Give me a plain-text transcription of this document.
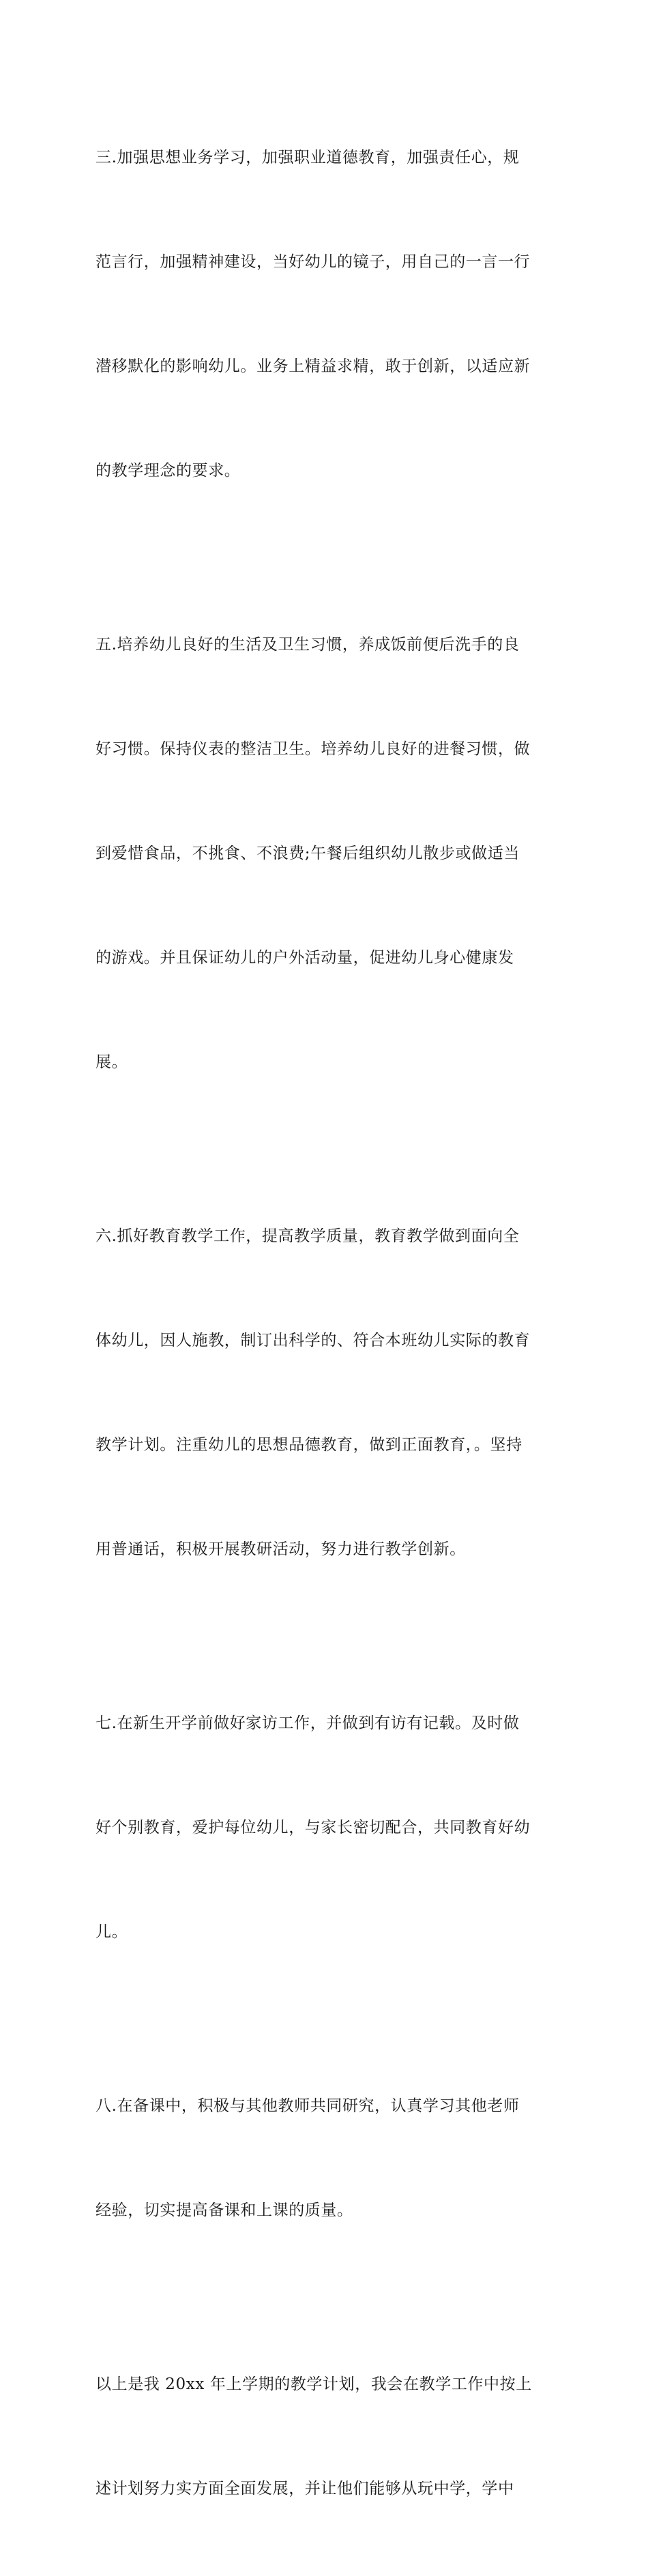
三.加强思想业务学习，加强职业道德教育，加强责任心，规

范言行，加强精神建设，当好幼儿的镜子，用自己的一言一行

潜移默化的影响幼儿。业务上精益求精，敢于创新，以适应新

的教学理念的要求。

五.培养幼儿良好的生活及卫生习惯，养成饭前便后洗手的良

好习惯。保持仪表的整洁卫生。培养幼儿良好的进餐习惯，做

到爱惜食品，不挑食、不浪费;午餐后组织幼儿散步或做适当

的游戏。并且保证幼儿的户外活动量，促进幼儿身心健康发

展。

六.抓好教育教学工作，提高教学质量，教育教学做到面向全

体幼儿，因人施教，制订出科学的、符合本班幼儿实际的教育

教学计划。注重幼儿的思想品德教育，做到正面教育，。坚持

用普通话，积极开展教研活动，努力进行教学创新。

七.在新生开学前做好家访工作，并做到有访有记载。及时做

好个别教育，爱护每位幼儿，与家长密切配合，共同教育好幼

儿。

八.在备课中，积极与其他教师共同研究，认真学习其他老师

经验，切实提高备课和上课的质量。

以上是我 20xx 年上学期的教学计划，我会在教学工作中按上

述计划努力实方面全面发展，并让他们能够从玩中学，学中
